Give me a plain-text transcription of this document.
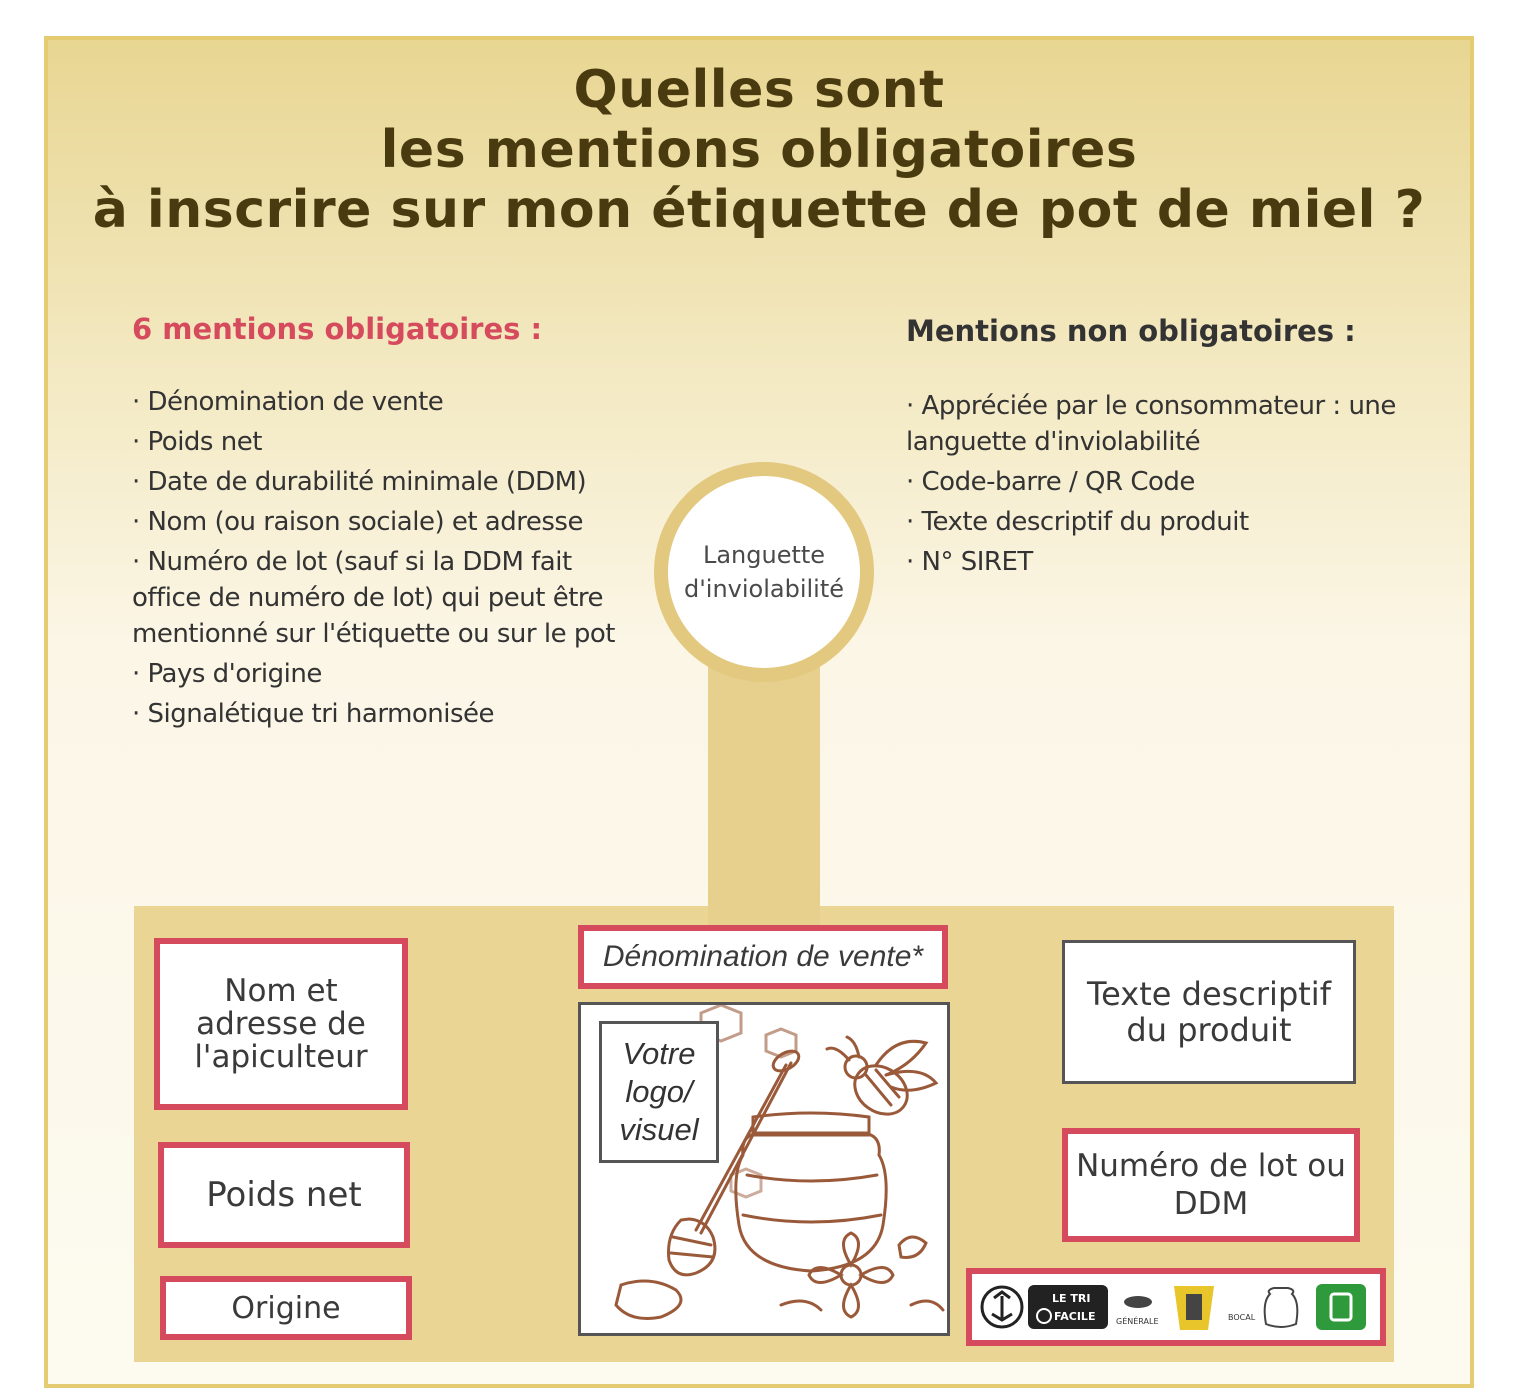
Quelles sont
les mentions obligatoires
à inscrire sur mon étiquette de pot de miel ?
6 mentions obligatoires :
· Dénomination de vente
· Poids net
· Date de durabilité minimale (DDM)
· Nom (ou raison sociale) et adresse
· Numéro de lot (sauf si la DDM fait office de numéro de lot) qui peut être mentionné sur l'étiquette ou sur le pot
· Pays d'origine
· Signalétique tri harmonisée
Mentions non obligatoires :
· Appréciée par le consommateur : une languette d'inviolabilité
· Code-barre / QR Code
· Texte descriptif du produit
· N° SIRET
Languette
d'inviolabilité
Nom et adresse de l'apiculteur
Poids net
Origine
Dénomination de vente*
Votre
logo/
visuel
Texte descriptif du produit
Numéro de lot ou DDM
LE TRI
FACILE	GÉNÉRALE	BOCAL
